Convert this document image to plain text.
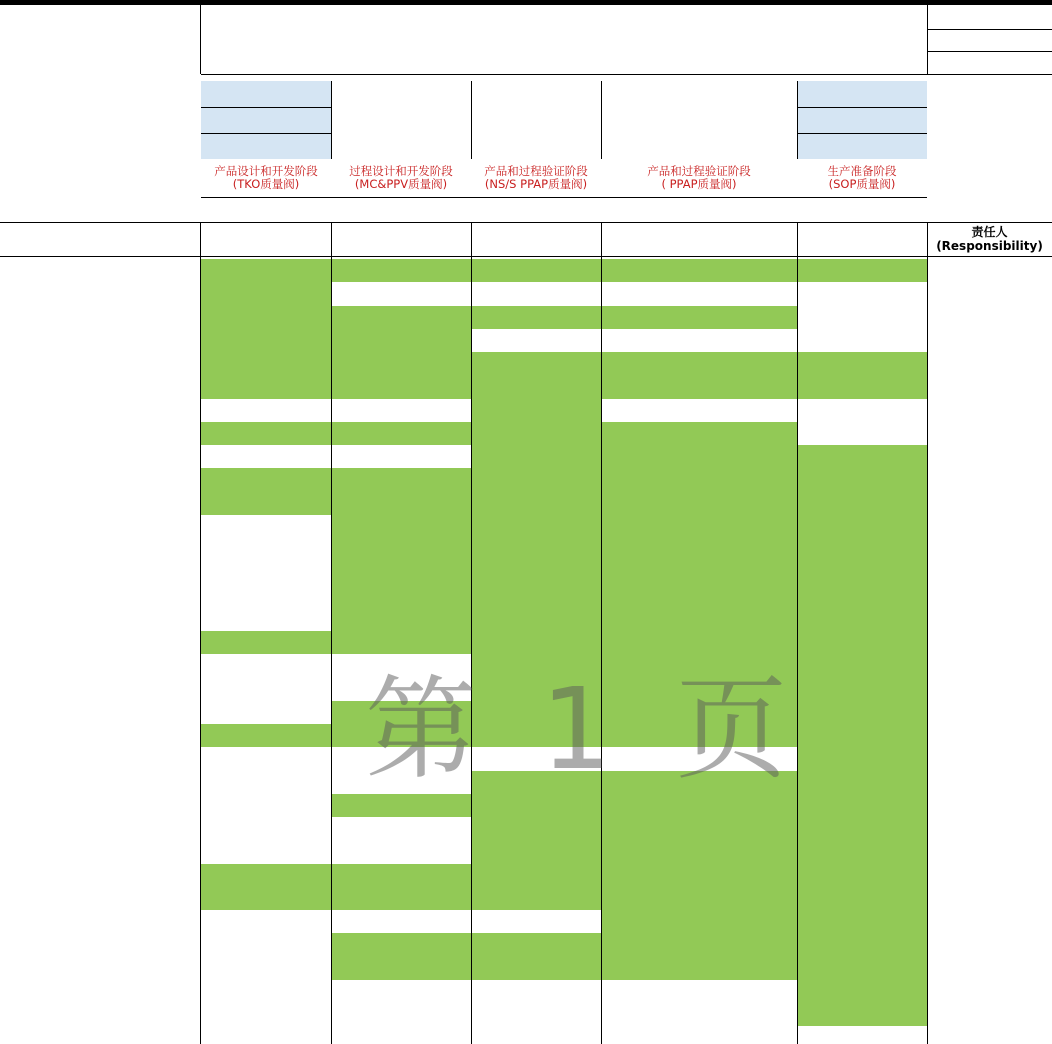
产品设计和开发阶段
(TKO质量阀)
过程设计和开发阶段
(MC&PPV质量阀)
产品和过程验证阶段
(NS/S PPAP质量阀)
产品和过程验证阶段
( PPAP质量阀)
生产准备阶段
(SOP质量阀)
责任人
(Responsibility)
第 1 页
